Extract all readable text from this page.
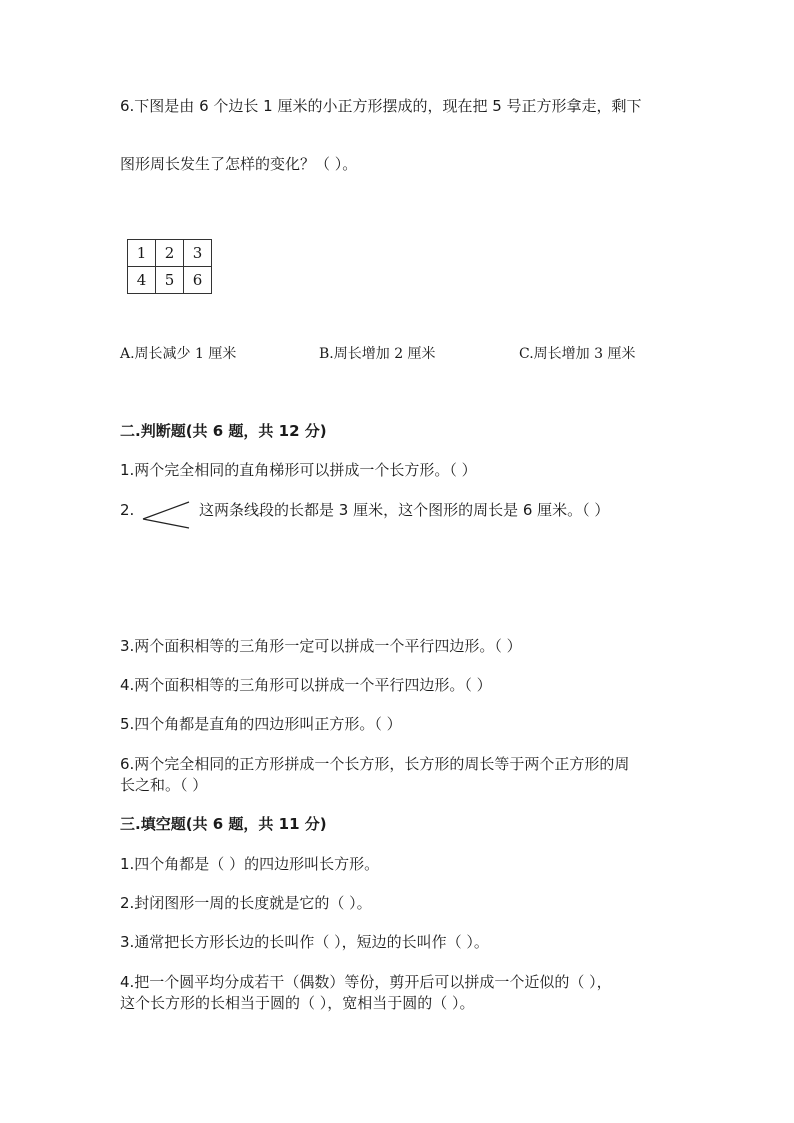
6.下图是由 6 个边长 1 厘米的小正方形摆成的，现在把 5 号正方形拿走，剩下
图形周长发生了怎样的变化？（ ）。
1	2	3
4	5	6
A.周长减少 1 厘米	B.周长增加 2 厘米	C.周长增加 3 厘米
二.判断题(共 6 题，共 12 分)
1.两个完全相同的直角梯形可以拼成一个长方形。（ ）
2.	这两条线段的长都是 3 厘米，这个图形的周长是 6 厘米。（ ）
3.两个面积相等的三角形一定可以拼成一个平行四边形。（ ）
4.两个面积相等的三角形可以拼成一个平行四边形。（ ）
5.四个角都是直角的四边形叫正方形。（ ）
6.两个完全相同的正方形拼成一个长方形，长方形的周长等于两个正方形的周
长之和。（ ）
三.填空题(共 6 题，共 11 分)
1.四个角都是（ ）的四边形叫长方形。
2.封闭图形一周的长度就是它的（ ）。
3.通常把长方形长边的长叫作（ ），短边的长叫作（ ）。
4.把一个圆平均分成若干（偶数）等份，剪开后可以拼成一个近似的（ ），
这个长方形的长相当于圆的（ ），宽相当于圆的（ ）。
